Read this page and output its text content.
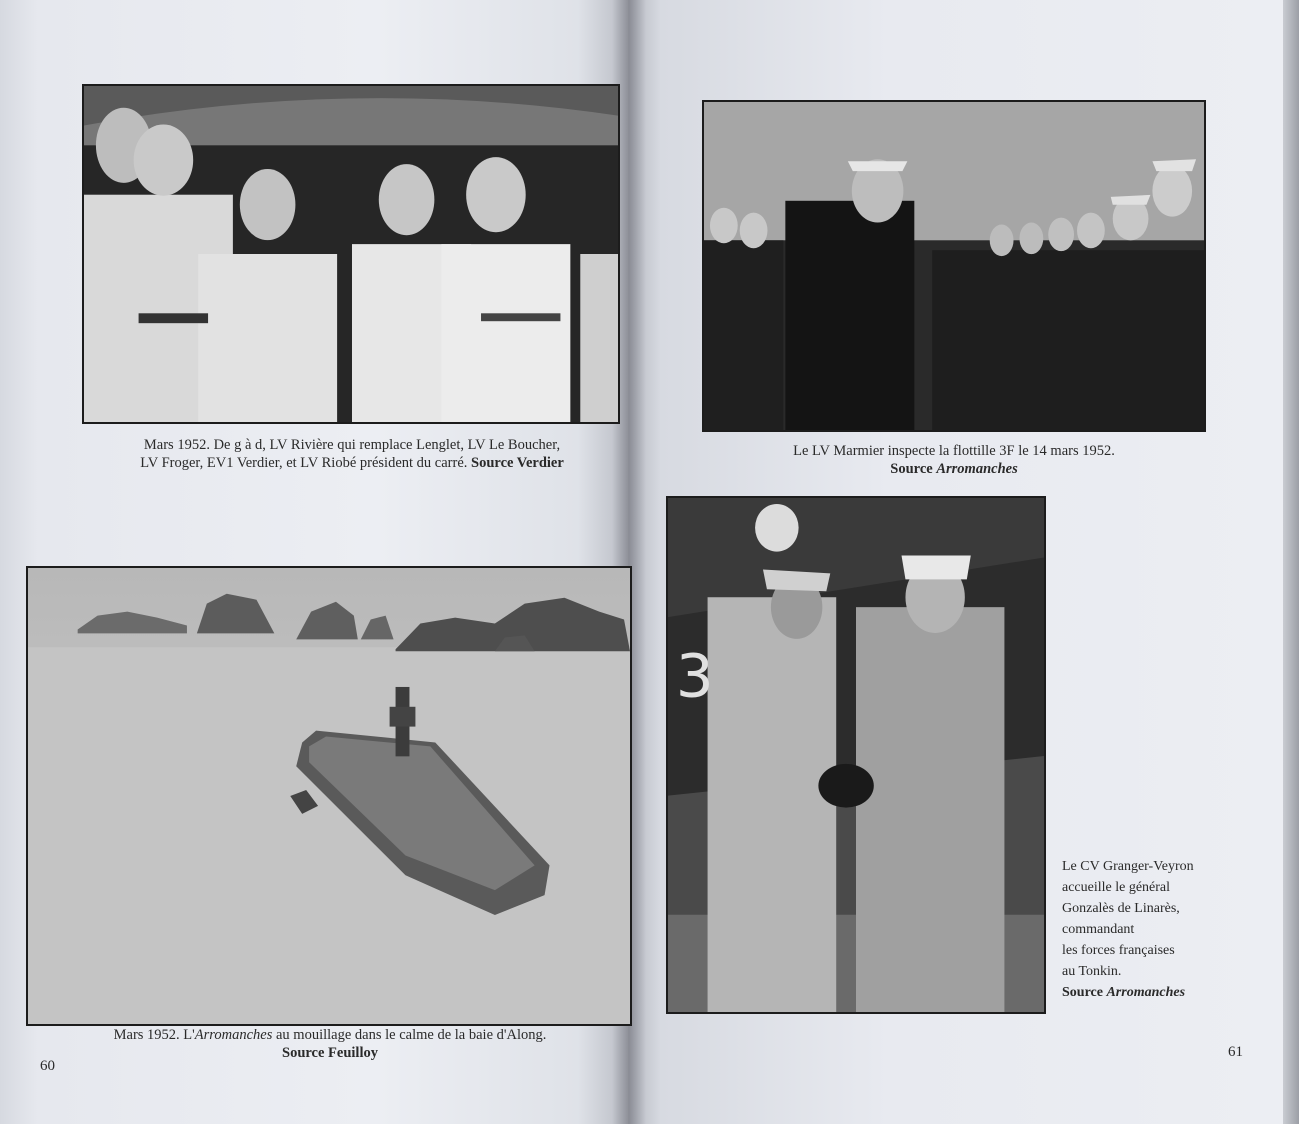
Mars 1952. De g à d, LV Rivière qui remplace Lenglet, LV Le Boucher,
LV Froger, EV1 Verdier, et LV Riobé président du carré. Source Verdier
Mars 1952. L'Arromanches au mouillage dans le calme de la baie d'Along.
Source Feuilloy
60
Le LV Marmier inspecte la flottille 3F le 14 mars 1952.
Source Arromanches
3
Le CV Granger-Veyron
accueille le général
Gonzalès de Linarès,
commandant
les forces françaises
au Tonkin.
Source Arromanches
61
